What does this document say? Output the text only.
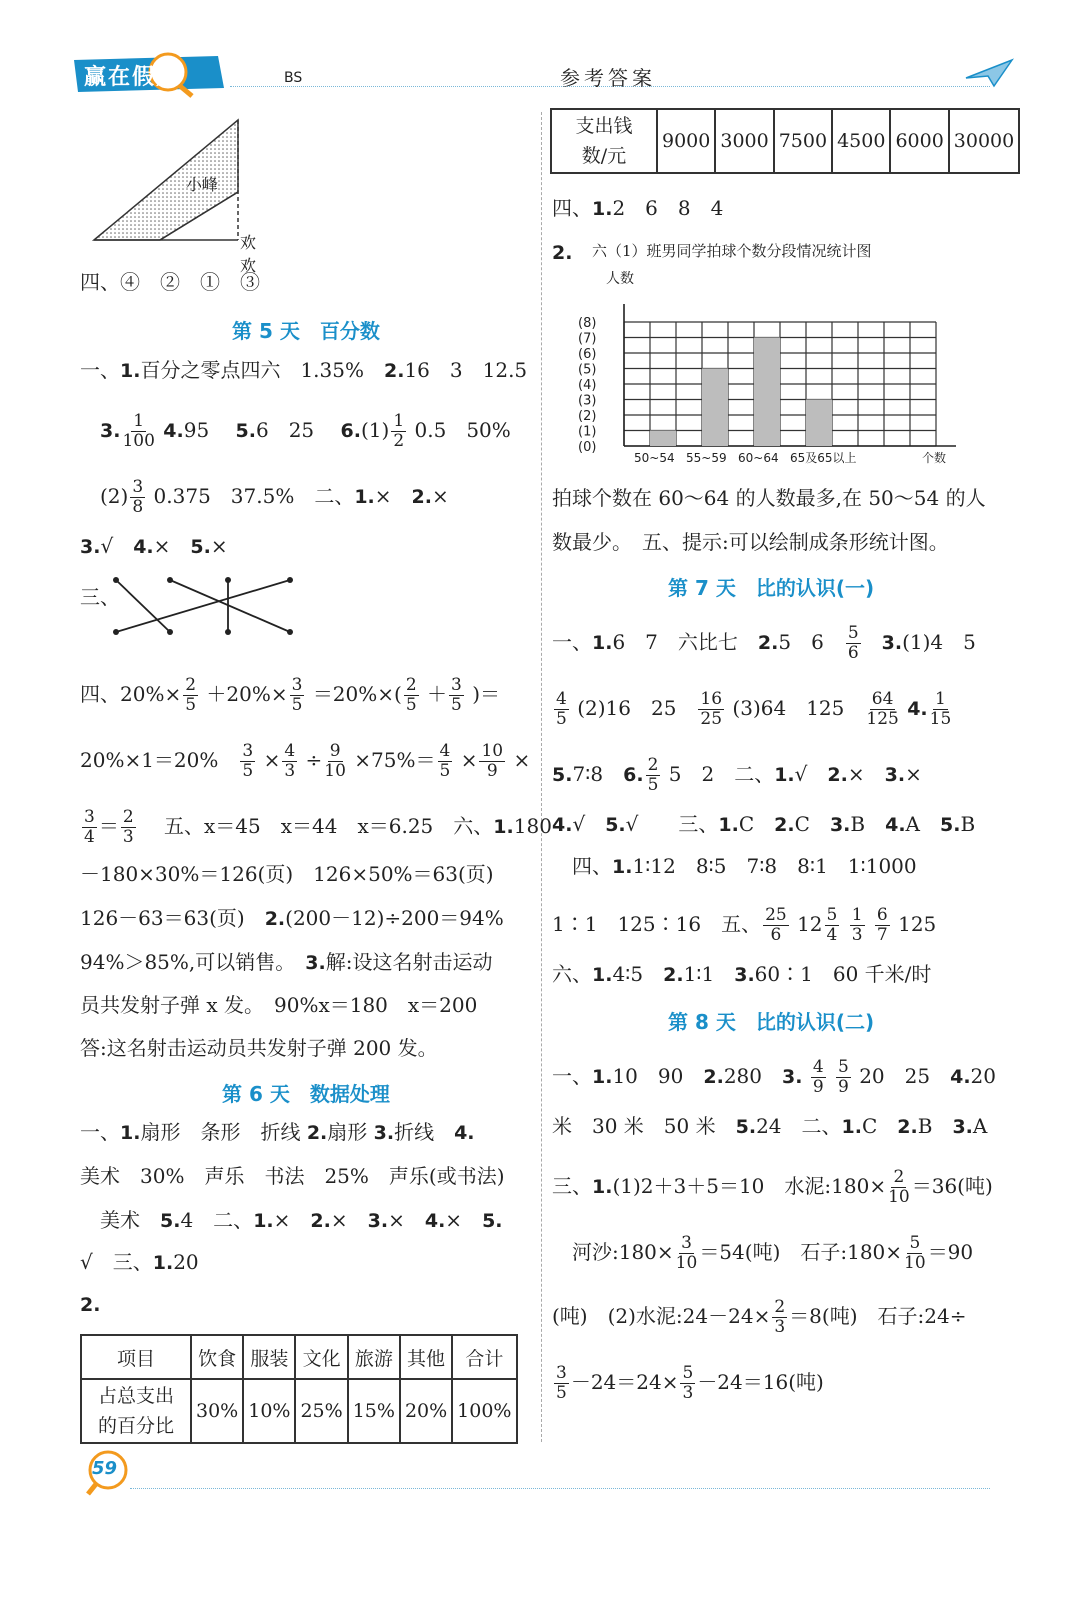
赢在假期	BS	参考答案
小峰
欢欢
四、④　②　①　③
第 5 天　百分数
一、1.百分之零点四六　1.35%　2.16　3　12.5
3. $\frac{1}{100} 4.95$　 5.6　25　 $6.(1) \frac{1}{2} 0.5$　50%
$(2) \frac{3}{8} 0.375$　37.5%　二、1.×　2.×
3.√　4.×　5.×
三、
四、$20\%\times \frac{2}{5} +20\%\times \frac{3}{5} =20\%\times( \frac{2}{5} + \frac{3}{5}$ )＝
20%×1＝20%　 $\frac{3}{5} \times \frac{4}{3} \div \frac{9}{10} \times 75\%= \frac{4}{5} \times \frac{10}{9}$ ×
$\frac{3}{4} = \frac{2}{3}$ 　五、x＝45　x＝44　x＝6.25　六、1.180
－180×30%＝126(页)　126×50%＝63(页)
126－63＝63(页)　2.(200－12)÷200＝94%
94%＞85%,可以销售。　3.解:设这名射击运动
员共发射子弹 x 发。　90%x＝180　x＝200
答:这名射击运动员共发射子弹 200 发。
第 6 天　数据处理
一、1.扇形　条形　折线 2.扇形 3.折线　4.
美术　30%　声乐　书法　25%　声乐(或书法)
美术　5.4　二、1.×　2.×　3.×　4.×　5.
√　三、1.20
2.
项目	饮食	服装	文化	旅游	其他	合计
占总支出
的百分比	30%	10%	25%	15%	20%	100%
支出钱
数/元	9000	3000	7500	4500	6000	30000
四、1.2　6　8　4
2. 六（1）班男同学拍球个数分段情况统计图
人数
(0)
(1)
(2)
(3)
(4)
(5)
(6)
(7)
(8)
50~54 55~59 60~64 65及65以上	个数
拍球个数在 60～64 的人数最多,在 50～54 的人
数最少。　五、提示:可以绘制成条形统计图。
第 7 天　比的认识(一)
一、1.6　7　六比七　2.5　6　 $\frac{5}{6}$ 　3.(1)4　5
$\frac{4}{5} (2)16$　25　 $\frac{16}{25} (3)64$　125　 $\frac{64}{125} 4$. $\frac{1}{15}$
5.7∶8　6. $\frac{2}{5} 5$　2　二、1.√　2.×　3.×
4.√　5.√　　三、1.C　2.C　3.B　4.A　5.B
四、1.1∶12　8∶5　7∶8　8∶1　1∶1000
1∶1　125∶16　五、 $\frac{25}{6} 12 \frac{5}{4}$
$\frac{1}{3}$
$\frac{6}{7} 125$
六、1.4∶5　2.1∶1　3.60∶1　60 千米/时
第 8 天　比的认识(二)
一、1.10　90　2.280　3. $\frac{4}{9}$
$\frac{5}{9} 20$　25　4.20
米　30 米　50 米　5.24　二、1.C　2.B　3.A
三、1.(1)2＋3＋5＝10　水泥:180× $\frac{2}{10} =36$(吨)
河沙:180× $\frac{3}{10} =54$(吨)　石子:180× $\frac{5}{10} =90$
(吨)　(2)水泥:24－24× $\frac{2}{3} =8$(吨)　石子:24÷
$\frac{3}{5} -24=24\times \frac{5}{3} -24=16$(吨)
59
